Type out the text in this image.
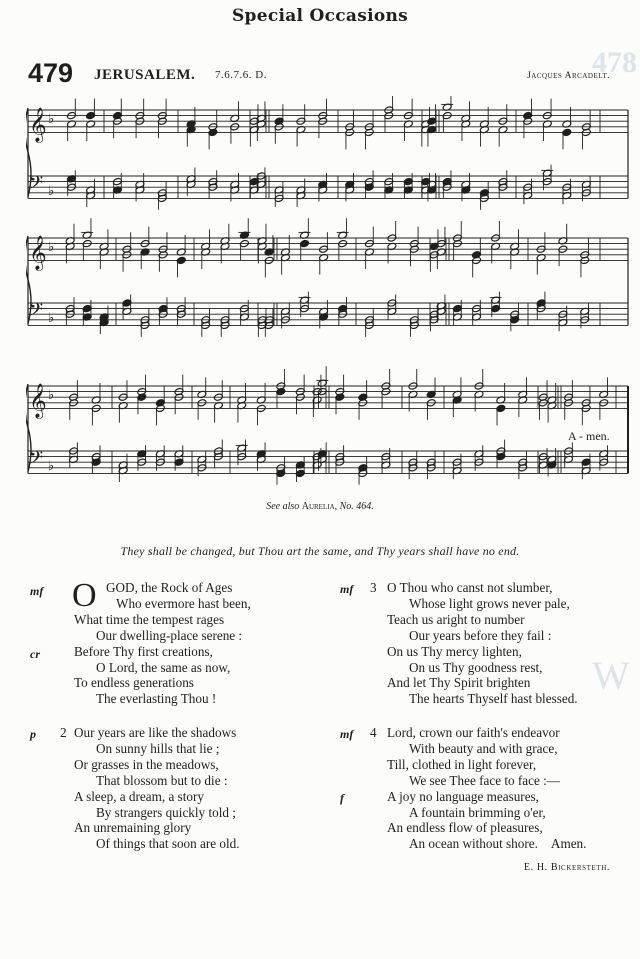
478
W
Special Occasions
479 JERUSALEM. 7.6.7.6. D.	Jacques Arcadelt.
𝄞 ♭
𝄢 ♭
𝄞 ♭
𝄢 ♭
𝄞 ♭
𝄢 ♭
A - men.
See also Aurelia, No. 464.
They shall be changed, but Thou art the same, and Thy years shall have no end.
mf
cr
O GOD, the Rock of Ages
Who evermore hast been,
What time the tempest rages
Our dwelling-place serene :
Before Thy first creations,
O Lord, the same as now,
To endless generations
The everlasting Thou !
p 2 Our years are like the shadows
On sunny hills that lie ;
Or grasses in the meadows,
That blossom but to die :
A sleep, a dream, a story
By strangers quickly told ;
An unremaining glory
Of things that soon are old.
mf 3 O Thou who canst not slumber,
Whose light grows never pale,
Teach us aright to number
Our years before they fail :
On us Thy mercy lighten,
On us Thy goodness rest,
And let Thy Spirit brighten
The hearts Thyself hast blessed.
mf
f
4 Lord, crown our faith's endeavor
With beauty and with grace,
Till, clothed in light forever,
We see Thee face to face :—
A joy no language measures,
A fountain brimming o'er,
An endless flow of pleasures,
An ocean without shore. Amen.
E. H. Bickersteth.
